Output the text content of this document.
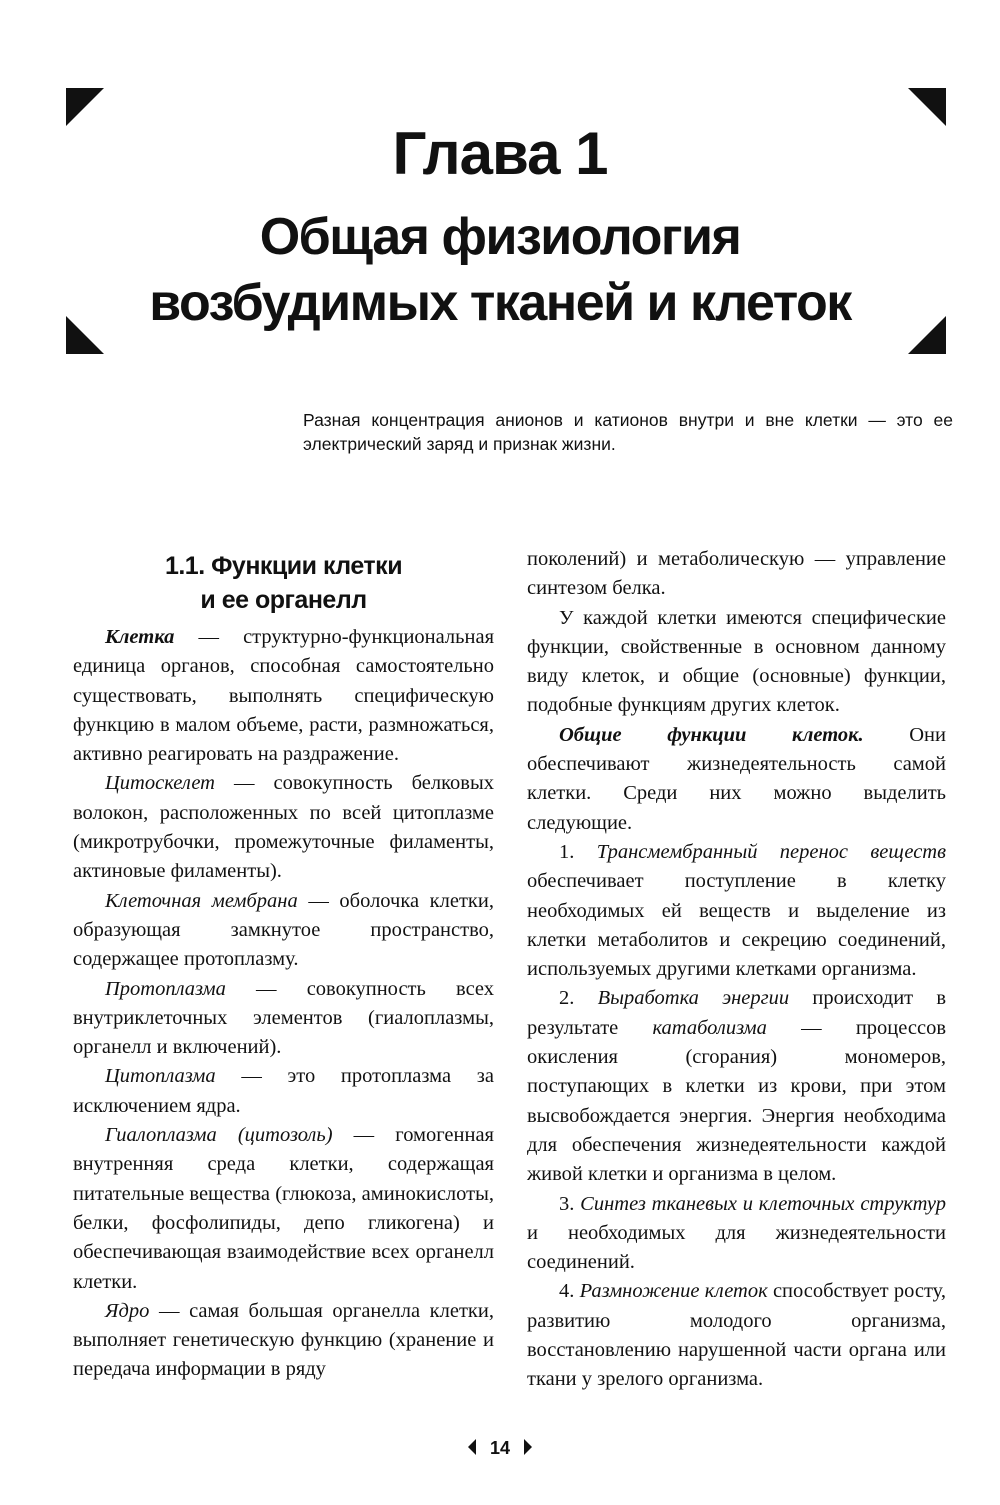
Глава 1
Общая физиология
возбудимых тканей и клеток

Разная концентрация анионов и катионов внутри и вне клетки — это ее электрический заряд и признак жизни.

1.1. Функции клетки
и ее органелл

Клетка — структурно-функциональная единица органов, способная самостоятельно существовать, выполнять специфическую функцию в малом объеме, расти, размножаться, активно реагировать на раздражение.

Цитоскелет — совокупность белковых волокон, расположенных по всей цитоплазме (микротрубочки, промежуточные филаменты, актиновые филаменты).

Клеточная мембрана — оболочка клетки, образующая замкнутое пространство, содержащее протоплазму.

Протоплазма — совокупность всех внутриклеточных элементов (гиалоплазмы, органелл и включений).

Цитоплазма — это протоплазма за исключением ядра.

Гиалоплазма (цитозоль) — гомогенная внутренняя среда клетки, содержащая питательные вещества (глюкоза, аминокислоты, белки, фосфолипиды, депо гликогена) и обеспечивающая взаимодействие всех органелл клетки.

Ядро — самая большая органелла клетки, выполняет генетическую функцию (хранение и передача информации в ряду

поколений) и метаболическую — управление синтезом белка.

У каждой клетки имеются специфические функции, свойственные в основном данному виду клеток, и общие (основные) функции, подобные функциям других клеток.

Общие функции клеток. Они обеспечивают жизнедеятельность самой клетки. Среди них можно выделить следующие.

1. Трансмембранный перенос веществ обеспечивает поступление в клетку необходимых ей веществ и выделение из клетки метаболитов и секрецию соединений, используемых другими клетками организма.

2. Выработка энергии происходит в результате катаболизма — процессов окисления (сгорания) мономеров, поступающих в клетки из крови, при этом высвобождается энергия. Энергия необходима для обеспечения жизнедеятельности каждой живой клетки и организма в целом.

3. Синтез тканевых и клеточных структур и необходимых для жизнедеятельности соединений.

4. Размножение клеток способствует росту, развитию молодого организма, восстановлению нарушенной части органа или ткани у зрелого организма.

14
